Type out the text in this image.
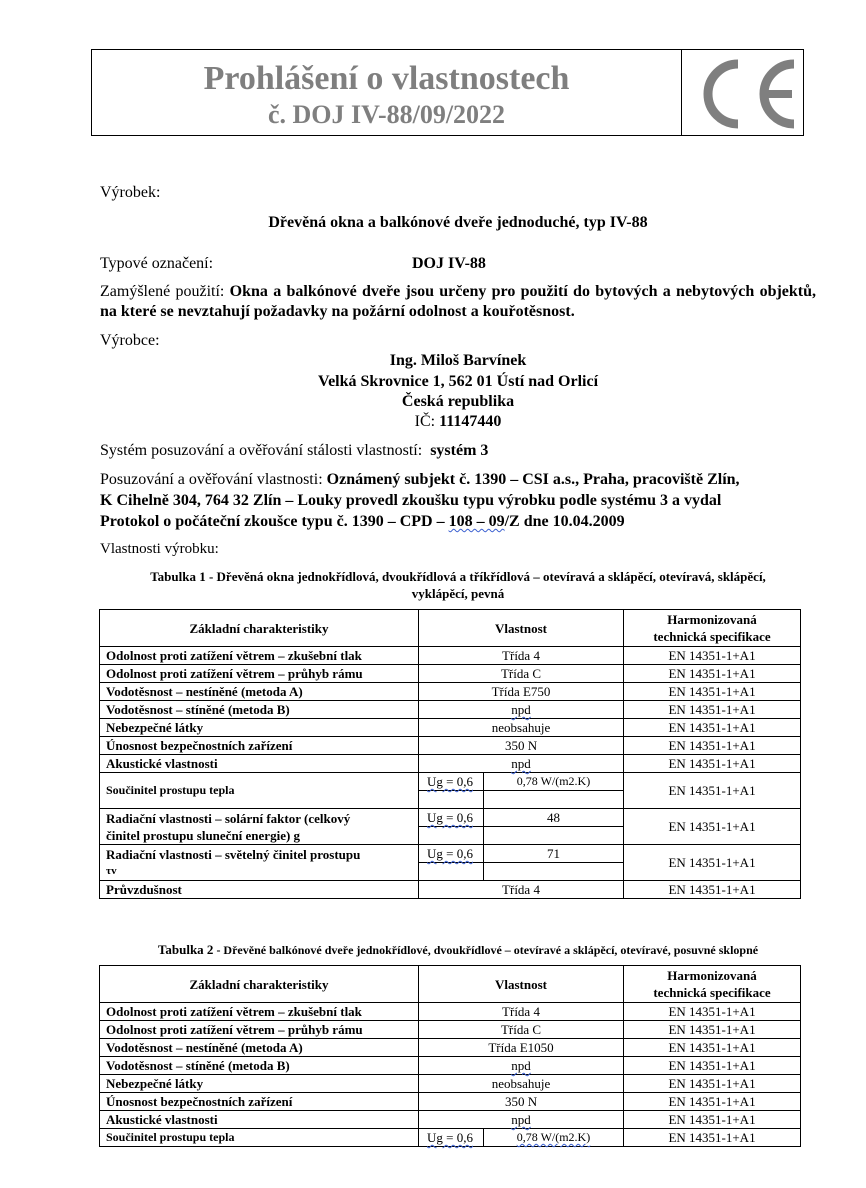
Prohlášení o vlastnostech
č. DOJ IV-88/09/2022
Výrobek:
Dřevěná okna a balkónové dveře jednoduché, typ IV-88
Typové označení:	DOJ IV-88
Zamýšlené použití: Okna a balkónové dveře jsou určeny pro použití do bytových a nebytových objektů, na které se nevztahují požadavky na požární odolnost a kouřotěsnost.
Výrobce:
Ing. Miloš Barvínek
Velká Skrovnice 1, 562 01 Ústí nad Orlicí
Česká republika
IČ: 11147440
Systém posuzování a ověřování stálosti vlastností: systém 3
Posuzování a ověřování vlastnosti: Oznámený subjekt č. 1390 – CSI a.s., Praha, pracoviště Zlín,
K Cihelně 304, 764 32 Zlín – Louky provedl zkoušku typu výrobku podle systému 3 a vydal
Protokol o počáteční zkoušce typu č. 1390 – CPD – 108 – 09/Z dne 10.04.2009
Vlastnosti výrobku:
Tabulka 1 - Dřevěná okna jednokřídlová, dvoukřídlová a tříkřídlová – otevíravá a sklápěcí, otevíravá, sklápěcí,
vyklápěcí, pevná
Základní charakteristiky	Vlastnost		Harmonizovaná
technická specifikace

Odolnost proti zatížení větrem – zkušební tlak	Třída 4		EN 14351-1+A1
Odolnost proti zatížení větrem – průhyb rámu	Třída C		EN 14351-1+A1
Vodotěsnost – nestíněné (metoda A)	Třída E750		EN 14351-1+A1
Vodotěsnost – stíněné (metoda B)	npd		EN 14351-1+A1
Nebezpečné látky	neobsahuje		EN 14351-1+A1
Únosnost bezpečnostních zařízení	350 N		EN 14351-1+A1
Akustické vlastnosti	npd		EN 14351-1+A1
Součinitel prostupu tepla	Ug = 0,6	0,78 W/(m2.K)	EN 14351-1+A1

Radiační vlastnosti – solární faktor (celkový
činitel prostupu sluneční energie) g	Ug = 0,6	48	EN 14351-1+A1

Radiační vlastnosti – světelný činitel prostupu
τv	Ug = 0,6	71	EN 14351-1+A1

Průvzdušnost	Třída 4		EN 14351-1+A1
Tabulka 2 - Dřevěné balkónové dveře jednokřídlové, dvoukřídlové – otevíravé a sklápěcí, otevíravé, posuvné sklopné
Základní charakteristiky	Vlastnost		Harmonizovaná
technická specifikace

Odolnost proti zatížení větrem – zkušební tlak	Třída 4		EN 14351-1+A1
Odolnost proti zatížení větrem – průhyb rámu	Třída C		EN 14351-1+A1
Vodotěsnost – nestíněné (metoda A)	Třída E1050		EN 14351-1+A1
Vodotěsnost – stíněné (metoda B)	npd		EN 14351-1+A1
Nebezpečné látky	neobsahuje		EN 14351-1+A1
Únosnost bezpečnostních zařízení	350 N		EN 14351-1+A1
Akustické vlastnosti	npd		EN 14351-1+A1
Součinitel prostupu tepla	Ug = 0,6	0,78 W/(m2.K)	EN 14351-1+A1
